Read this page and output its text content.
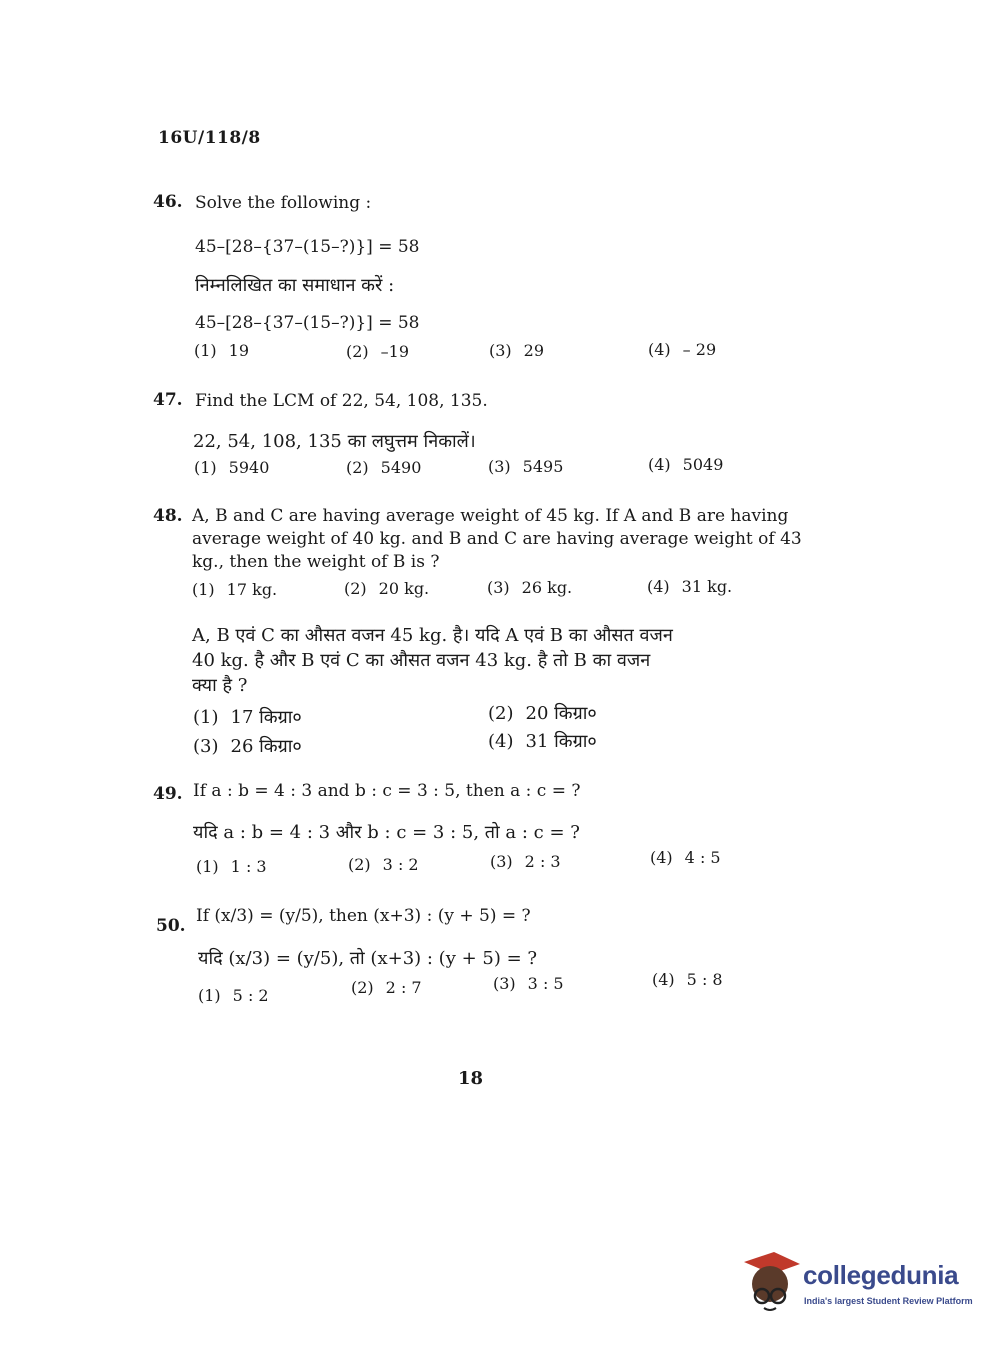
16U/118/8
46. Solve the following :
45–[28–{37–(15–?)}] = 58
निम्नलिखित का समाधान करें :
45–[28–{37–(15–?)}] = 58
(1) 19	(2) –19	(3) 29	(4) – 29
47. Find the LCM of 22, 54, 108, 135.
22, 54, 108, 135 का लघुत्तम निकालें।
(1) 5940	(2) 5490	(3) 5495	(4) 5049
48. A, B and C are having average weight of 45 kg. If A and B are having
average weight of 40 kg. and B and C are having average weight of 43
kg., then the weight of B is ?
(1) 17 kg.	(2) 20 kg.	(3) 26 kg.	(4) 31 kg.
A, B एवं C का औसत वजन 45 kg. है। यदि A एवं B का औसत वजन
40 kg. है और B एवं C का औसत वजन 43 kg. है तो B का वजन
क्या है ?
(1) 17 किग्रा०	(2) 20 किग्रा०
(3) 26 किग्रा०	(4) 31 किग्रा०
49. If a : b = 4 : 3 and b : c = 3 : 5, then a : c = ?
यदि a : b = 4 : 3 और b : c = 3 : 5, तो a : c = ?
(1) 1 : 3	(2) 3 : 2	(3) 2 : 3	(4) 4 : 5
50. If (x/3) = (y/5), then (x+3) : (y + 5) = ?
यदि (x/3) = (y/5), तो (x+3) : (y + 5) = ?
(1) 5 : 2	(2) 2 : 7	(3) 3 : 5	(4) 5 : 8
18
collegedunia
India's largest Student Review Platform
